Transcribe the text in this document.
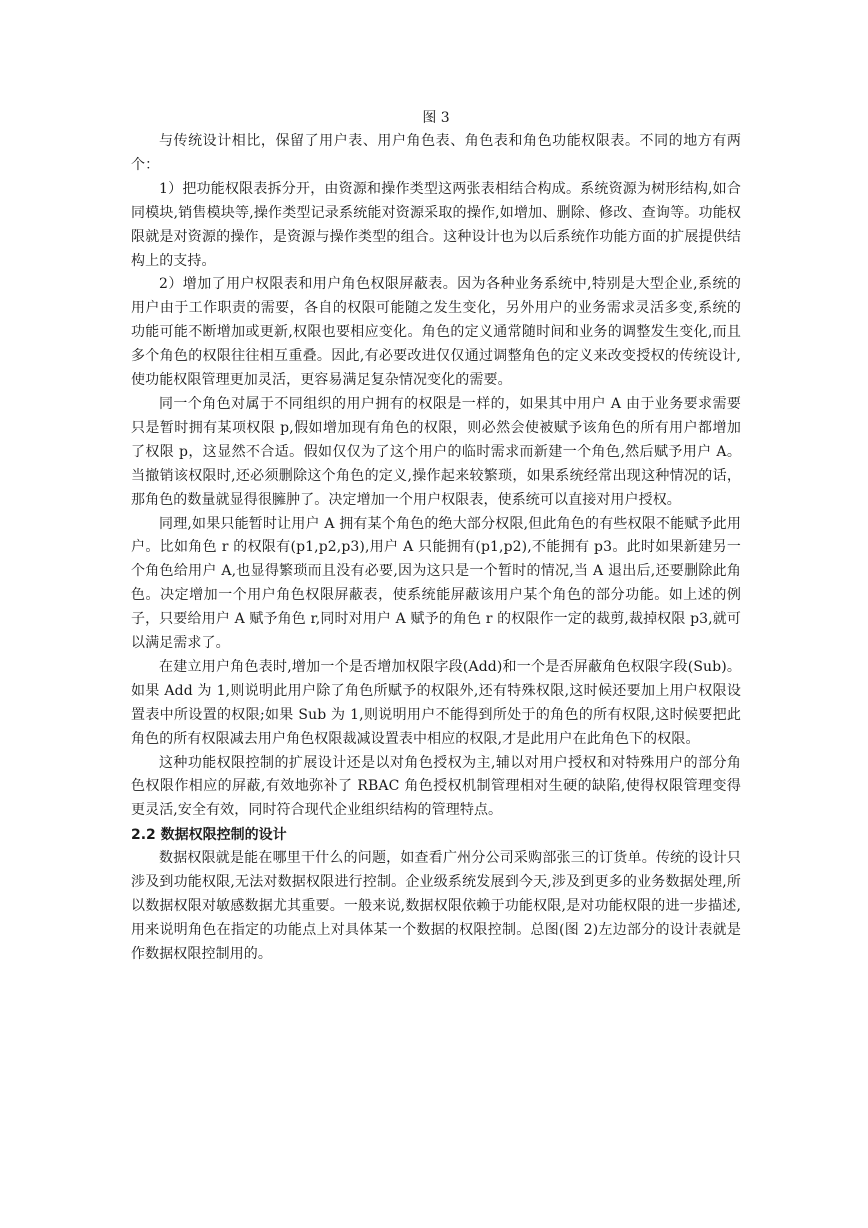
图 3

与传统设计相比，保留了用户表、用户角色表、角色表和角色功能权限表。不同的地方有两个：

1）把功能权限表拆分开，由资源和操作类型这两张表相结合构成。系统资源为树形结构,如合同模块,销售模块等,操作类型记录系统能对资源采取的操作,如增加、删除、修改、查询等。功能权限就是对资源的操作，是资源与操作类型的组合。这种设计也为以后系统作功能方面的扩展提供结构上的支持。

2）增加了用户权限表和用户角色权限屏蔽表。因为各种业务系统中,特别是大型企业,系统的用户由于工作职责的需要，各自的权限可能随之发生变化，另外用户的业务需求灵活多变,系统的功能可能不断增加或更新,权限也要相应变化。角色的定义通常随时间和业务的调整发生变化,而且多个角色的权限往往相互重叠。因此,有必要改进仅仅通过调整角色的定义来改变授权的传统设计,使功能权限管理更加灵活，更容易满足复杂情况变化的需要。

同一个角色对属于不同组织的用户拥有的权限是一样的，如果其中用户 A 由于业务要求需要只是暂时拥有某项权限 p,假如增加现有角色的权限，则必然会使被赋予该角色的所有用户都增加了权限 p，这显然不合适。假如仅仅为了这个用户的临时需求而新建一个角色,然后赋予用户 A。当撤销该权限时,还必须删除这个角色的定义,操作起来较繁琐，如果系统经常出现这种情况的话，那角色的数量就显得很臃肿了。决定增加一个用户权限表，使系统可以直接对用户授权。

同理,如果只能暂时让用户 A 拥有某个角色的绝大部分权限,但此角色的有些权限不能赋予此用户。比如角色 r 的权限有(p1,p2,p3),用户 A 只能拥有(p1,p2),不能拥有 p3。此时如果新建另一个角色给用户 A,也显得繁琐而且没有必要,因为这只是一个暂时的情况,当 A 退出后,还要删除此角色。决定增加一个用户角色权限屏蔽表，使系统能屏蔽该用户某个角色的部分功能。如上述的例子，只要给用户 A 赋予角色 r,同时对用户 A 赋予的角色 r 的权限作一定的裁剪,裁掉权限 p3,就可以满足需求了。

在建立用户角色表时,增加一个是否增加权限字段(Add)和一个是否屏蔽角色权限字段(Sub)。如果 Add 为 1,则说明此用户除了角色所赋予的权限外,还有特殊权限,这时候还要加上用户权限设置表中所设置的权限;如果 Sub 为 1,则说明用户不能得到所处于的角色的所有权限,这时候要把此角色的所有权限减去用户角色权限裁减设置表中相应的权限,才是此用户在此角色下的权限。

这种功能权限控制的扩展设计还是以对角色授权为主,辅以对用户授权和对特殊用户的部分角色权限作相应的屏蔽,有效地弥补了 RBAC 角色授权机制管理相对生硬的缺陷,使得权限管理变得更灵活,安全有效，同时符合现代企业组织结构的管理特点。

2.2 数据权限控制的设计

数据权限就是能在哪里干什么的问题，如查看广州分公司采购部张三的订货单。传统的设计只涉及到功能权限,无法对数据权限进行控制。企业级系统发展到今天,涉及到更多的业务数据处理,所以数据权限对敏感数据尤其重要。一般来说,数据权限依赖于功能权限,是对功能权限的进一步描述,用来说明角色在指定的功能点上对具体某一个数据的权限控制。总图(图 2)左边部分的设计表就是作数据权限控制用的。
